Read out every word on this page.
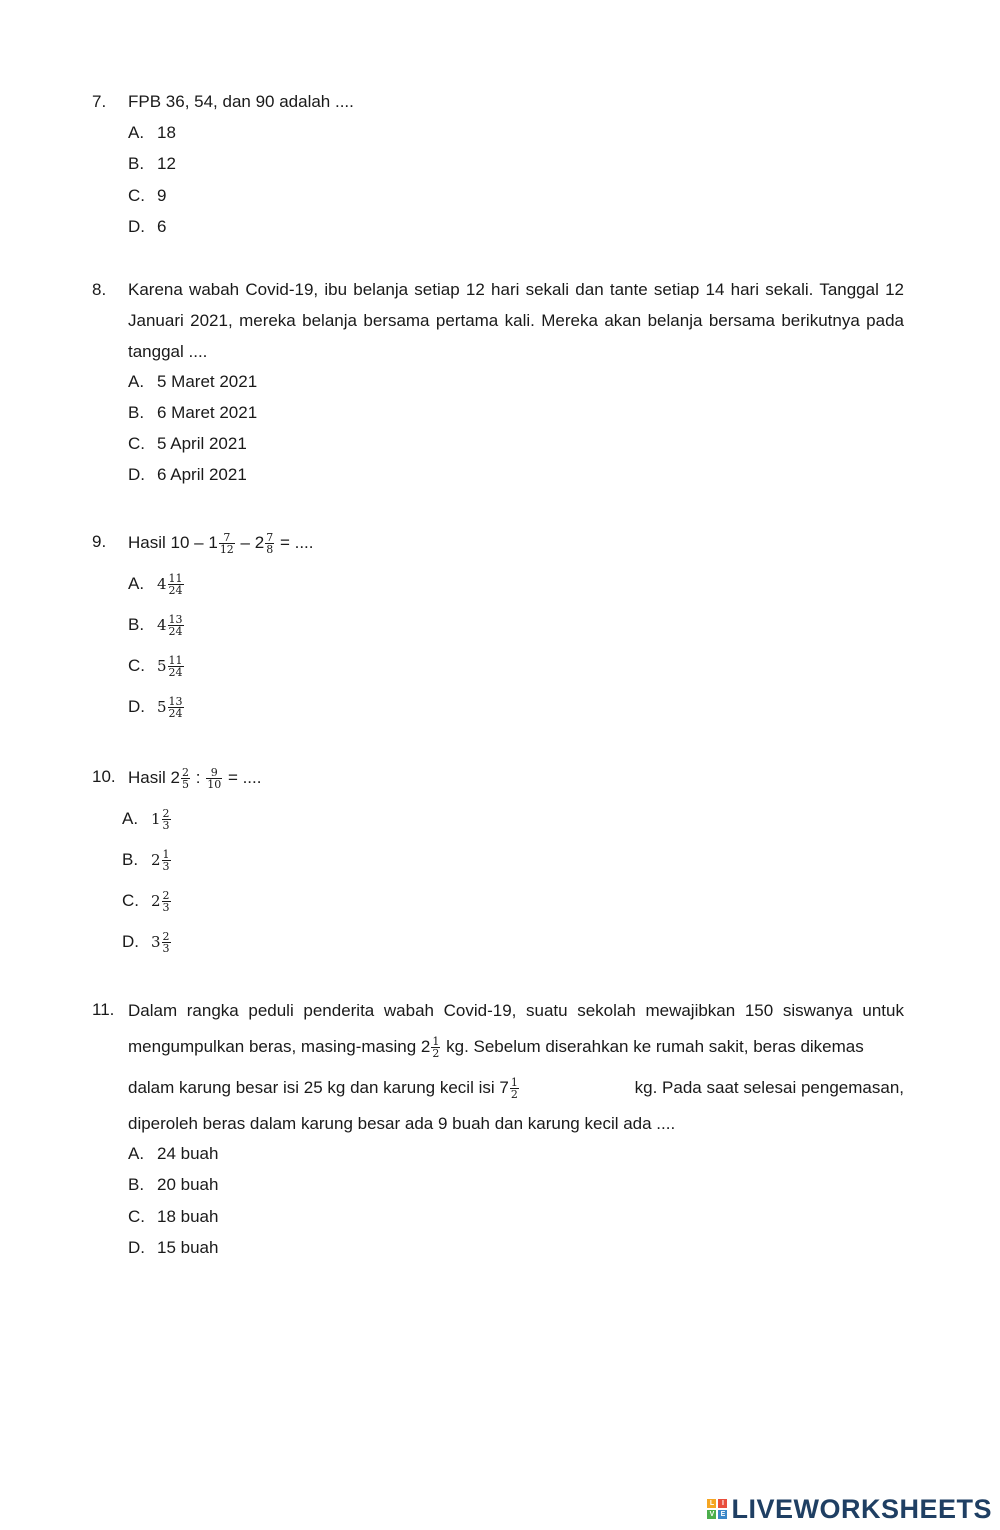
7. FPB 36, 54, dan 90 adalah ....
A. 18
B. 12
C. 9
D. 6
8. Karena wabah Covid-19, ibu belanja setiap 12 hari sekali dan tante setiap 14 hari sekali. Tanggal 12 Januari 2021, mereka belanja bersama pertama kali. Mereka akan belanja bersama berikutnya pada tanggal ....
A. 5 Maret 2021
B. 6 Maret 2021
C. 5 April 2021
D. 6 April 2021
9. Hasil $10 - 1 \frac{7}{12} - 2 \frac{7}{8}$ = ....
A. $4 \frac{11}{24}$
B. $4 \frac{13}{24}$
C. $5 \frac{11}{24}$
D. $5 \frac{13}{24}$
10. Hasil $2 \frac{2}{5}$ : $\frac{9}{10}$ = ....
A. $1 \frac{2}{3}$
B. $2 \frac{1}{3}$
C. $2 \frac{2}{3}$
D. $3 \frac{2}{3}$
11. Dalam rangka peduli penderita wabah Covid-19, suatu sekolah mewajibkan 150 siswanya untuk
mengumpulkan beras, masing-masing $2 \frac{1}{2}$ kg. Sebelum diserahkan ke rumah sakit, beras dikemas
dalam karung besar isi 25 kg dan karung kecil isi $7 \frac{1}{2}$	kg. Pada saat selesai pengemasan,
diperoleh beras dalam karung besar ada 9 buah dan karung kecil ada ....
A. 24 buah
B. 20 buah
C. 18 buah
D. 15 buah
L	I
V E LIVEWORKSHEETS
